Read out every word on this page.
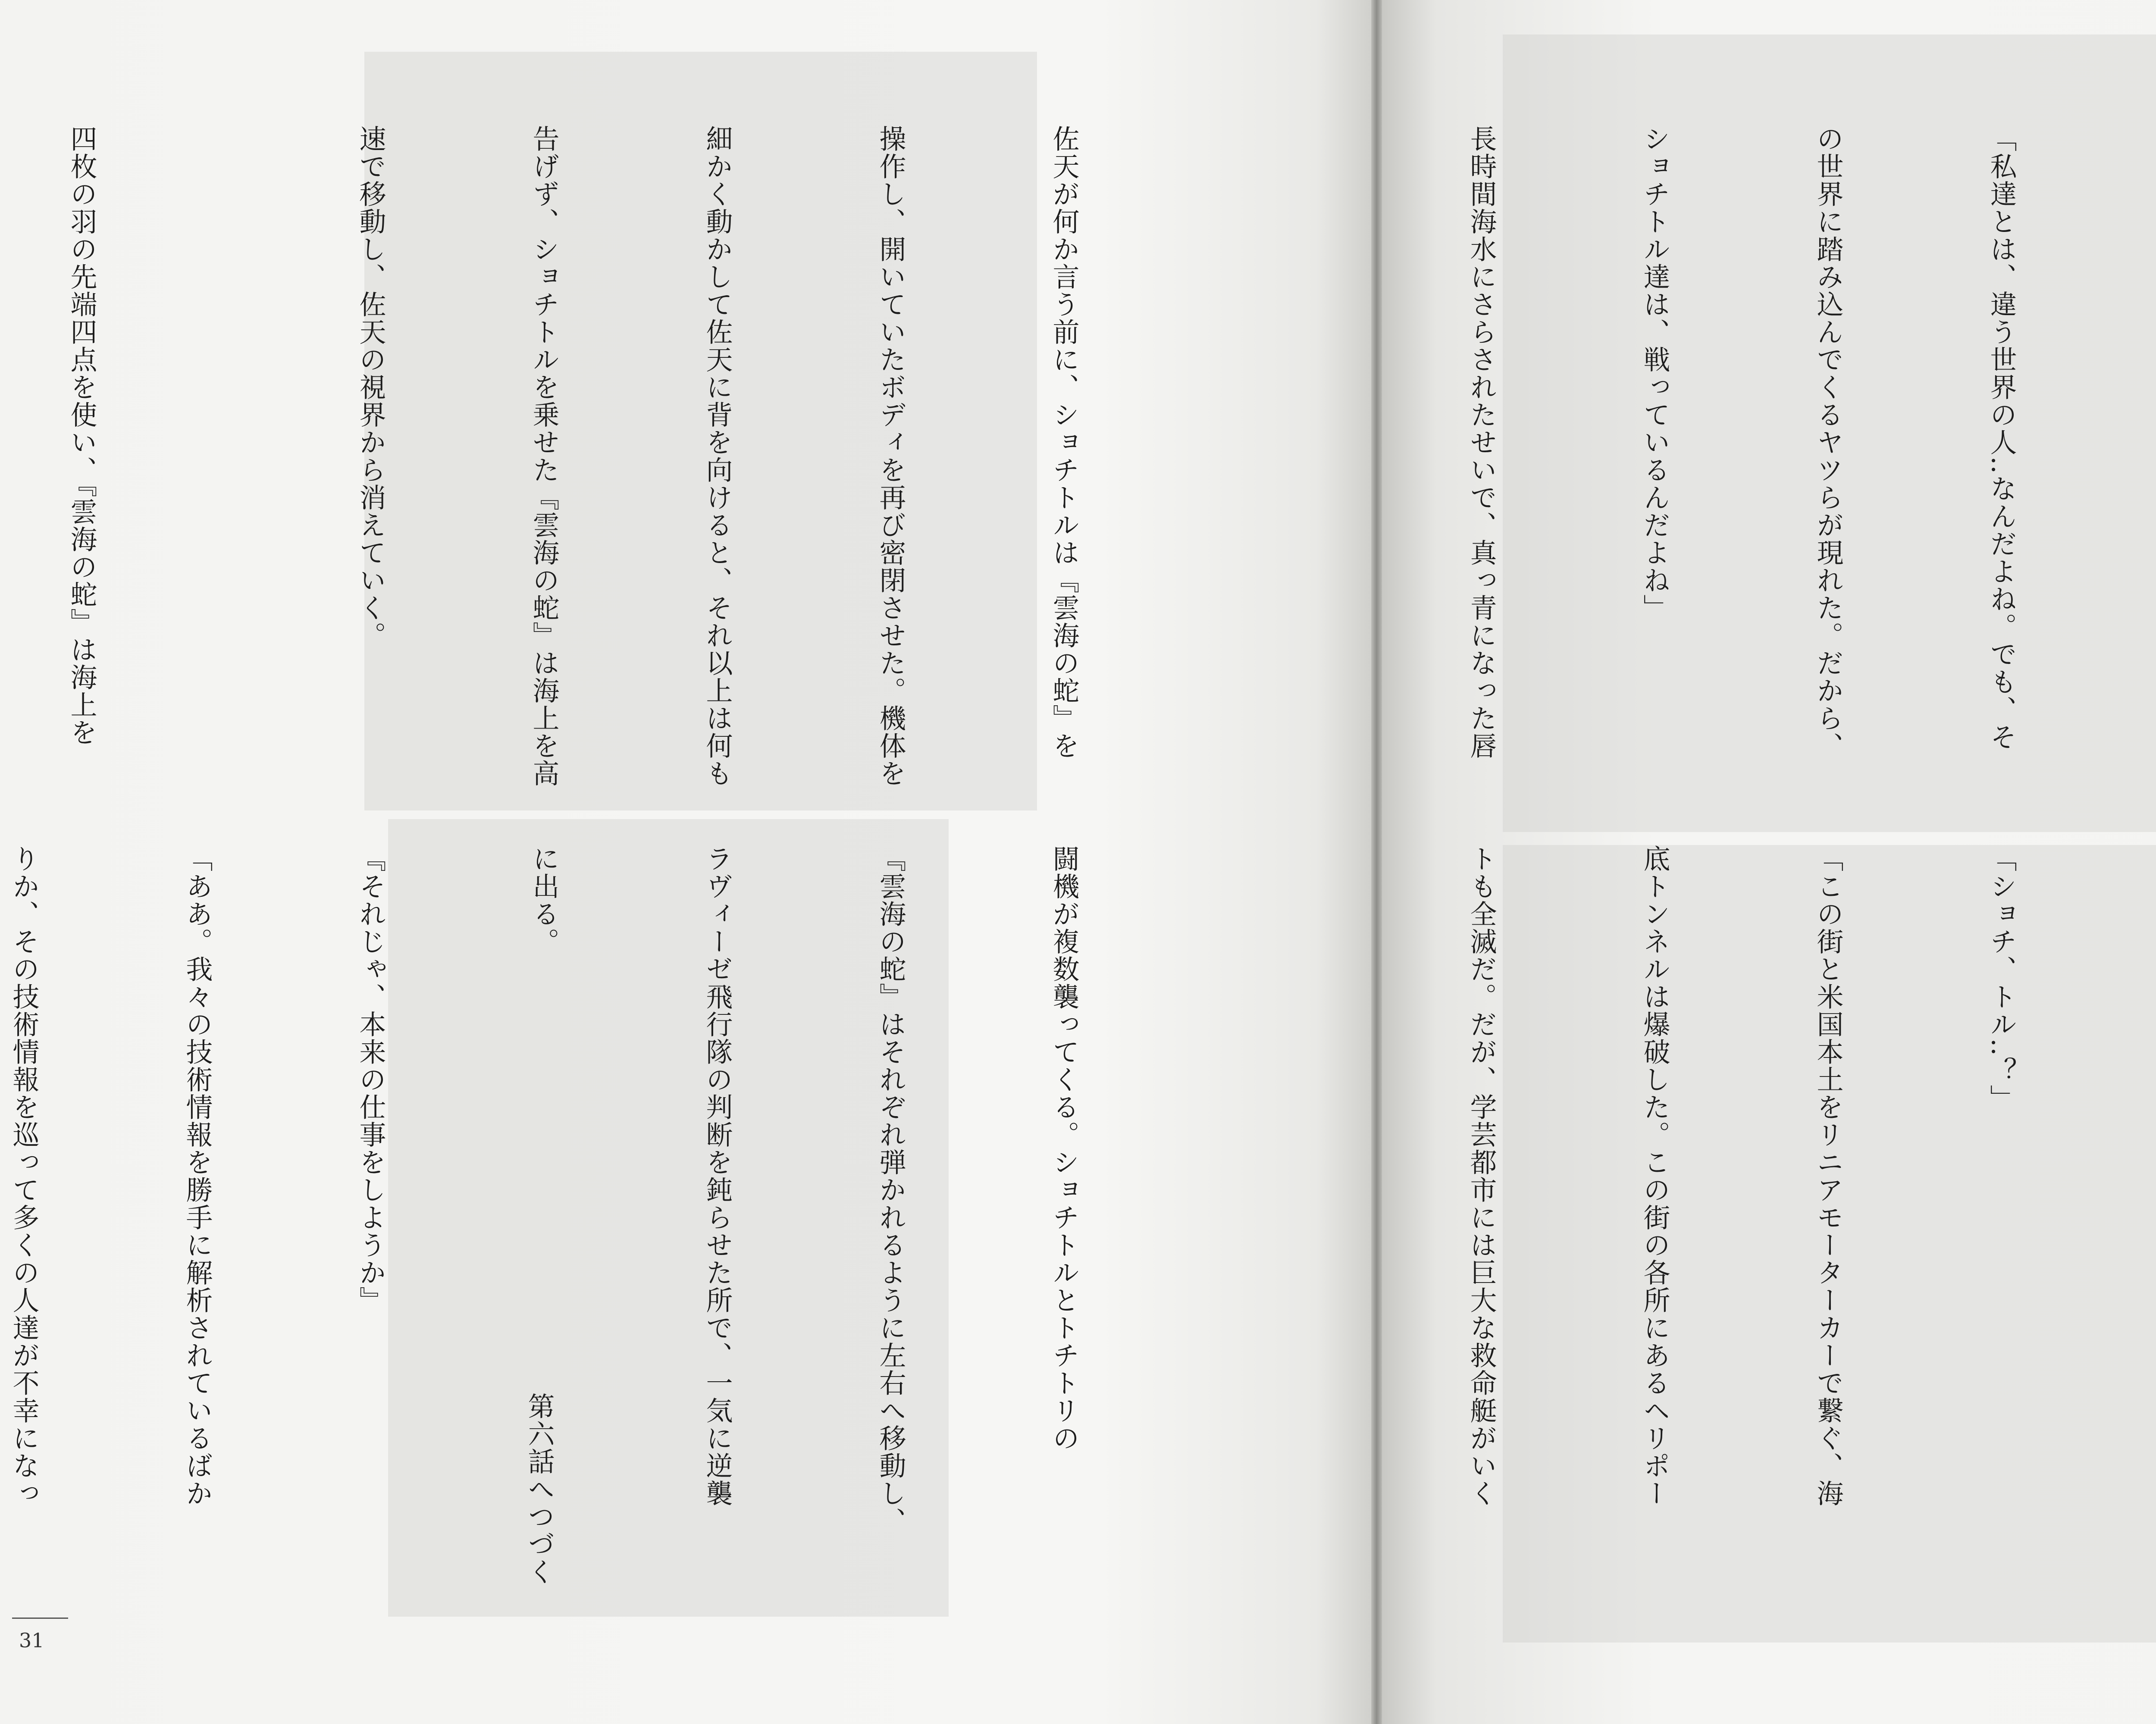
佐天が何か言う前に、ショチトルは『雲海の蛇』を

操作し、開いていたボディを再び密閉させた。機体を

細かく動かして佐天に背を向けると、それ以上は何も

告げず、ショチトルを乗せた『雲海の蛇』は海上を高

速で移動し、佐天の視界から消えていく。

四枚の羽の先端四点を使い、『雲海の蛇』は海上を

闘機が複数襲ってくる。ショチトルとトチトリの

『雲海の蛇』はそれぞれ弾かれるように左右へ移動し、

ラヴィーゼ飛行隊の判断を鈍らせた所で、一気に逆襲

に出る。

『それじゃ、本来の仕事をしようか』

「ああ。我々の技術情報を勝手に解析されているばか

りか、その技術情報を巡って多くの人達が不幸になっ

	第六話へつづく

31

「私達とは、違う世界の人‥なんだよね。でも、そ

の世界に踏み込んでくるヤツらが現れた。だから、

ショチトル達は、戦っているんだよね」

長時間海水にさらされたせいで、真っ青になった唇

「ショチ、トル‥？」

「この街と米国本土をリニアモーターカーで繋ぐ、海

底トンネルは爆破した。この街の各所にあるヘリポー

トも全滅だ。だが、学芸都市には巨大な救命艇がいく
